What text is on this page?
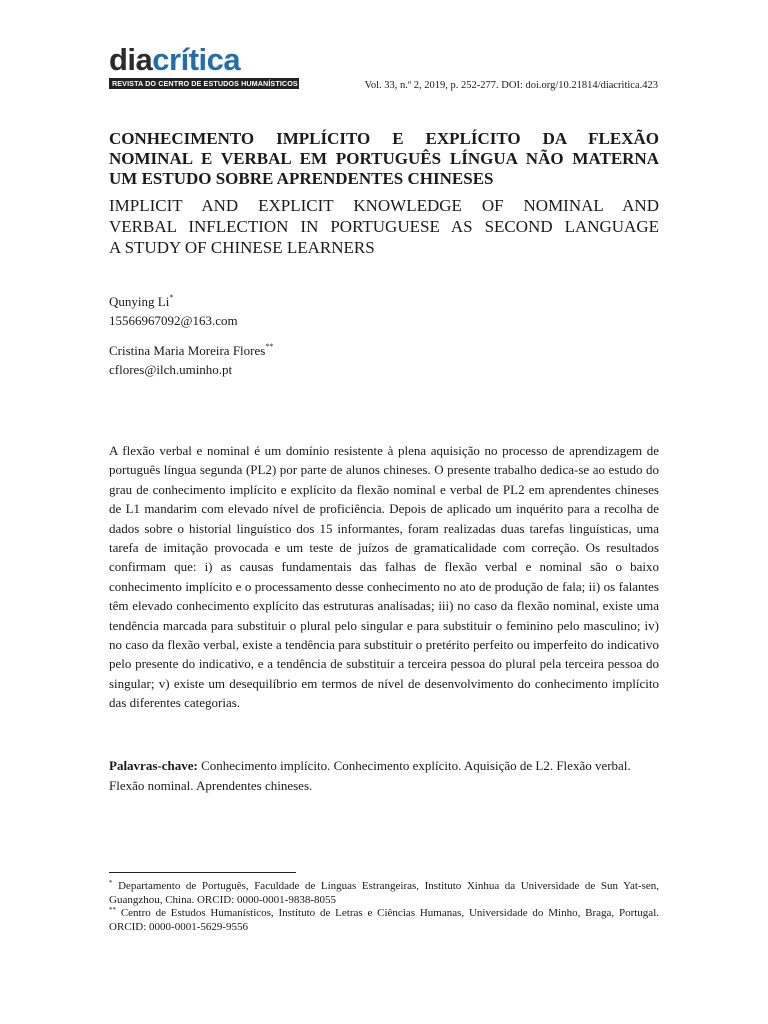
diacrítica
REVISTA DO CENTRO DE ESTUDOS HUMANÍSTICOS	Vol. 33, n.º 2, 2019, p. 252-277. DOI: doi.org/10.21814/diacritica.423
CONHECIMENTO IMPLÍCITO E EXPLÍCITO DA FLEXÃO
NOMINAL E VERBAL EM PORTUGUÊS LÍNGUA NÃO MATERNA
UM ESTUDO SOBRE APRENDENTES CHINESES
IMPLICIT AND EXPLICIT KNOWLEDGE OF NOMINAL AND
VERBAL INFLECTION IN PORTUGUESE AS SECOND LANGUAGE
A STUDY OF CHINESE LEARNERS
Qunying Li*
15566967092@163.com
Cristina Maria Moreira Flores**
cflores@ilch.uminho.pt
A flexão verbal e nominal é um domínio resistente à plena aquisição no processo de aprendizagem de português língua segunda (PL2) por parte de alunos chineses. O presente trabalho dedica-se ao estudo do grau de conhecimento implícito e explícito da flexão nominal e verbal de PL2 em aprendentes chineses de L1 mandarim com elevado nível de proficiência. Depois de aplicado um inquérito para a recolha de dados sobre o historial linguístico dos 15 informantes, foram realizadas duas tarefas linguísticas, uma tarefa de imitação provocada e um teste de juízos de gramaticalidade com correção. Os resultados confirmam que: i) as causas fundamentais das falhas de flexão verbal e nominal são o baixo conhecimento implícito e o processamento desse conhecimento no ato de produção de fala; ii) os falantes têm elevado conhecimento explícito das estruturas analisadas; iii) no caso da flexão nominal, existe uma tendência marcada para substituir o plural pelo singular e para substituir o feminino pelo masculino; iv) no caso da flexão verbal, existe a tendência para substituir o pretérito perfeito ou imperfeito do indicativo pelo presente do indicativo, e a tendência de substituir a terceira pessoa do plural pela terceira pessoa do singular; v) existe um desequilíbrio em termos de nível de desenvolvimento do conhecimento implícito das diferentes categorias.
Palavras-chave: Conhecimento implícito. Conhecimento explícito. Aquisição de L2. Flexão verbal. Flexão nominal. Aprendentes chineses.

* Departamento de Português, Faculdade de Línguas Estrangeiras, Instituto Xinhua da Universidade de Sun Yat-sen, Guangzhou, China. ORCID: 0000-0001-9838-8055

** Centro de Estudos Humanísticos, Instituto de Letras e Ciências Humanas, Universidade do Minho, Braga, Portugal. ORCID: 0000-0001-5629-9556
